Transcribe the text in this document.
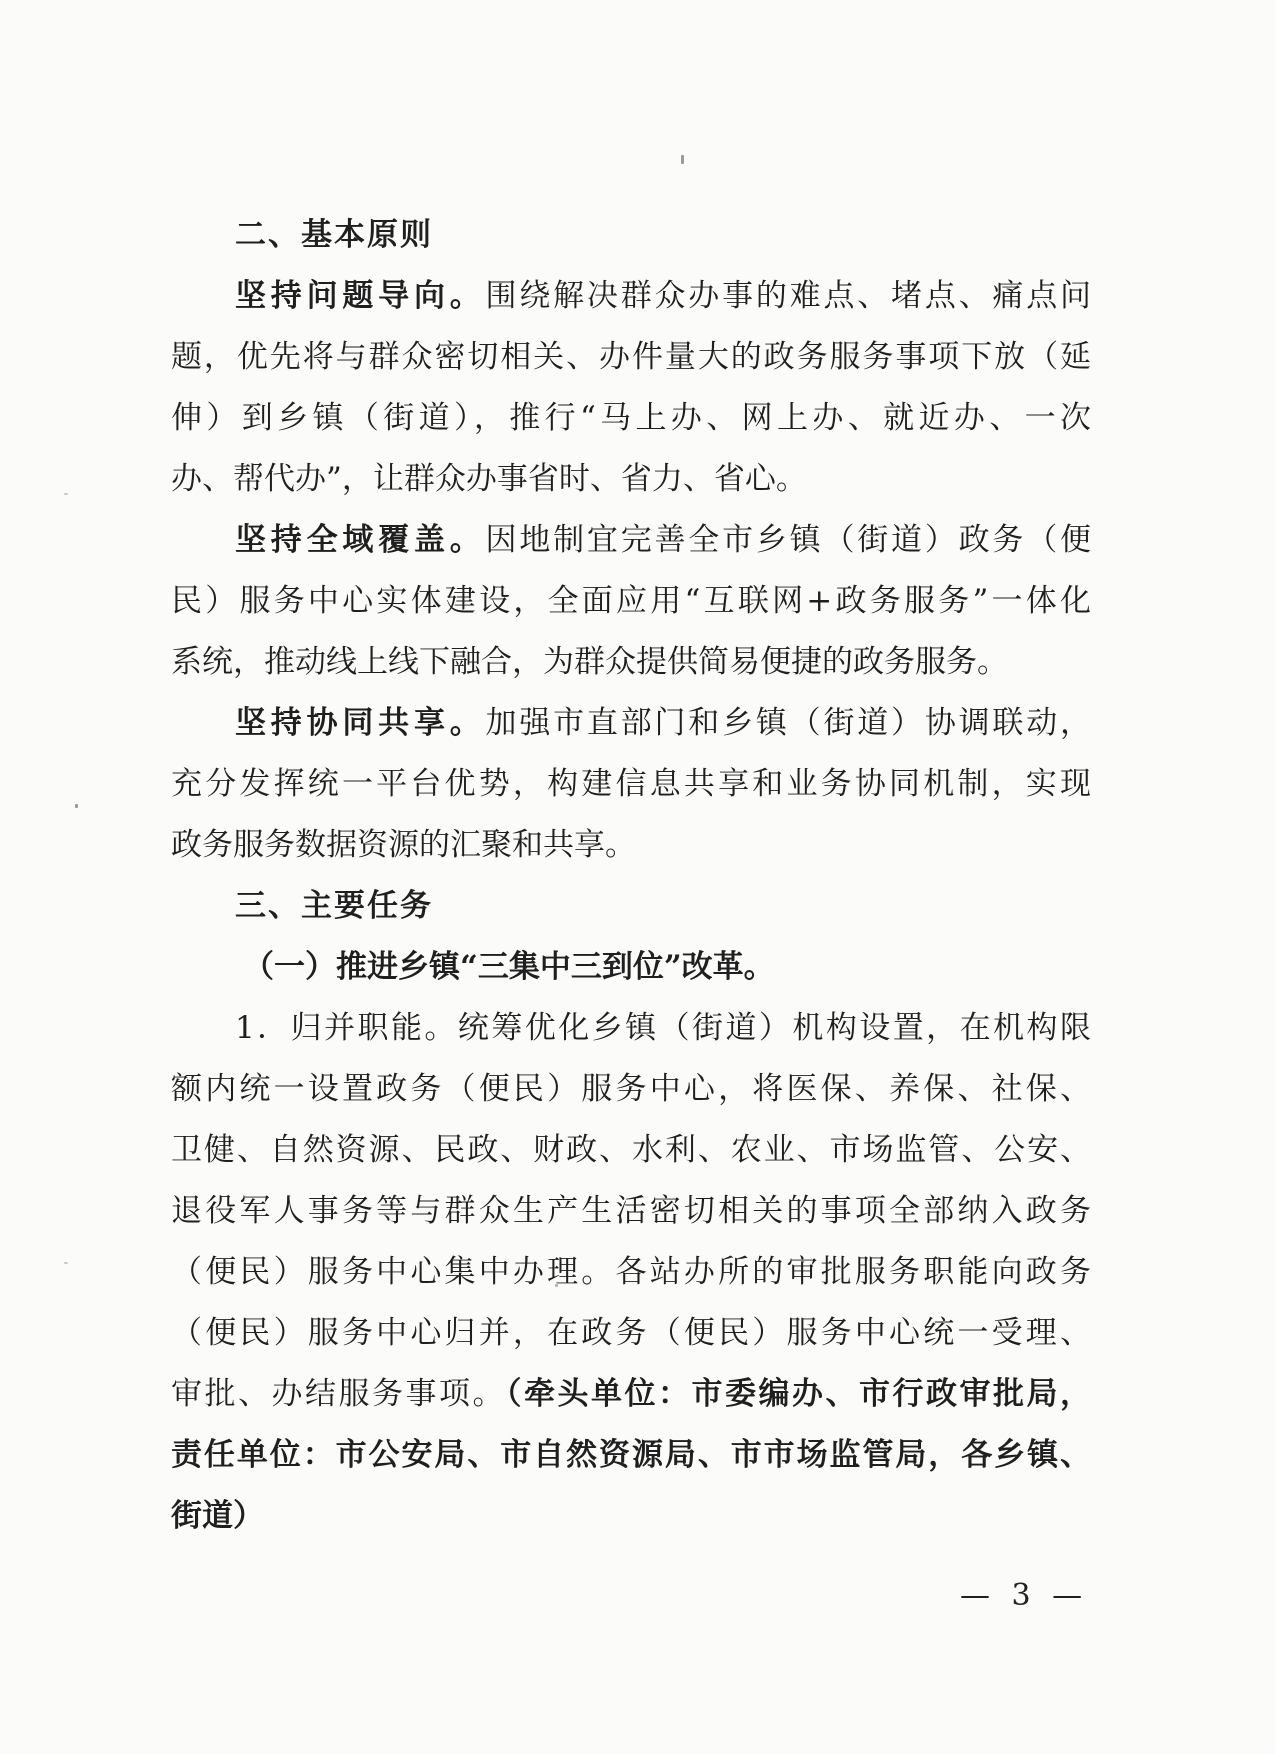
二、基本原则
坚持问题导向。围绕解决群众办事的难点、堵点、痛点问
题，优先将与群众密切相关、办件量大的政务服务事项下放（延
伸）到乡镇（街道），推行“马上办、网上办、就近办、一次
办、帮代办”，让群众办事省时、省力、省心。
坚持全域覆盖。因地制宜完善全市乡镇（街道）政务（便
民）服务中心实体建设，全面应用“互联网+政务服务”一体化
系统，推动线上线下融合，为群众提供简易便捷的政务服务。
坚持协同共享。加强市直部门和乡镇（街道）协调联动，
充分发挥统一平台优势，构建信息共享和业务协同机制，实现
政务服务数据资源的汇聚和共享。
三、主要任务
（一）推进乡镇“三集中三到位”改革。
1．归并职能。统筹优化乡镇（街道）机构设置，在机构限
额内统一设置政务（便民）服务中心，将医保、养保、社保、
卫健、自然资源、民政、财政、水利、农业、市场监管、公安、
退役军人事务等与群众生产生活密切相关的事项全部纳入政务
（便民）服务中心集中办理。各站办所的审批服务职能向政务
（便民）服务中心归并，在政务（便民）服务中心统一受理、
审批、办结服务事项。（牵头单位：市委编办、市行政审批局，
责任单位：市公安局、市自然资源局、市市场监管局，各乡镇、
街道）
— 3 —
